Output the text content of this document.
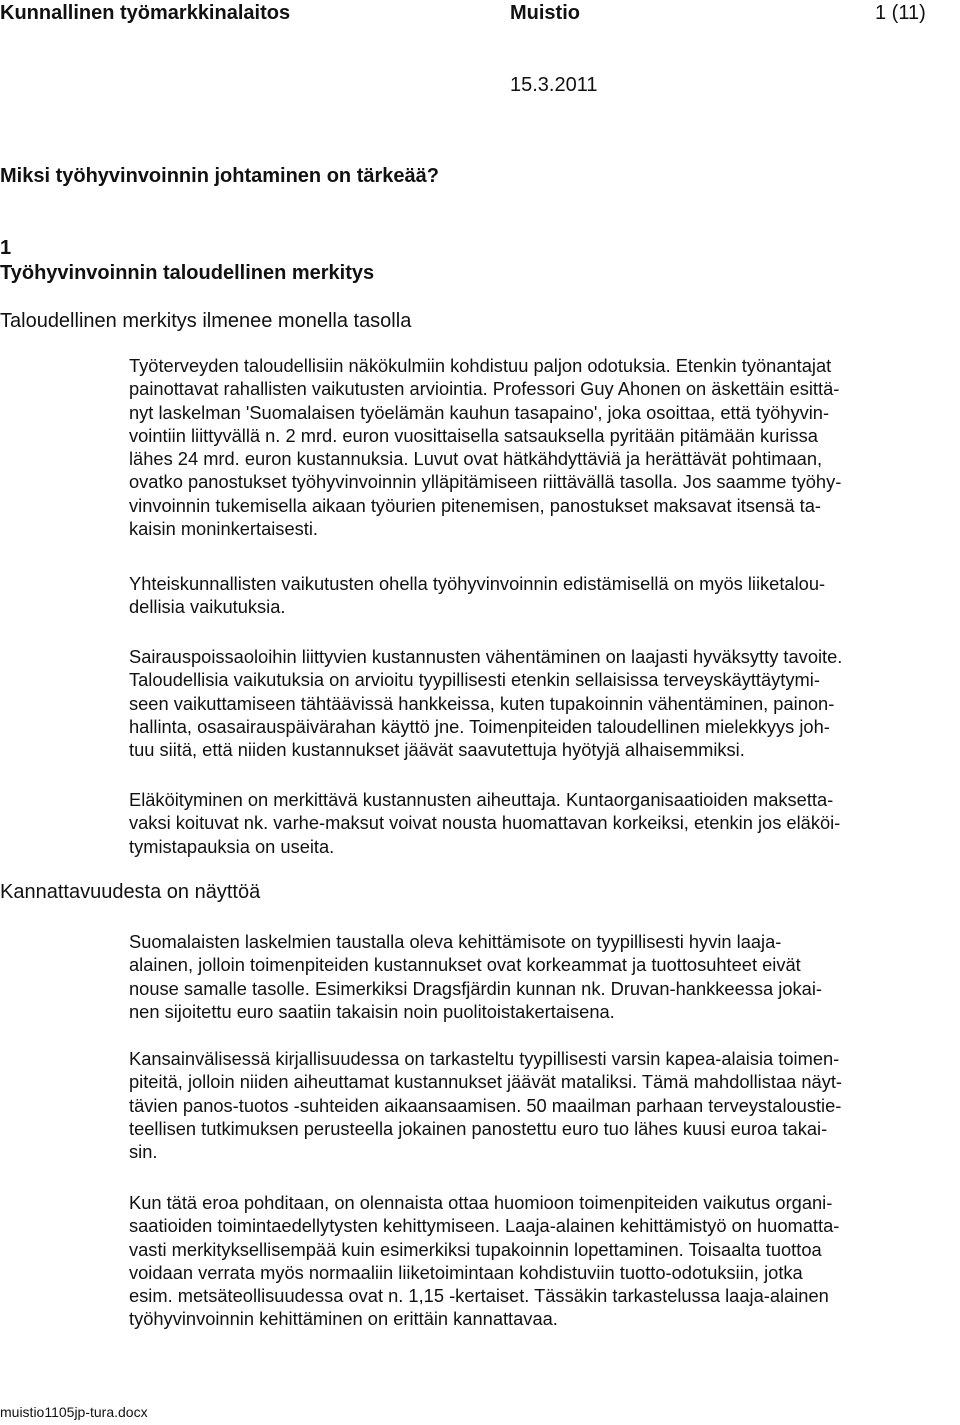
Kunnallinen työmarkkinalaitos	Muistio	1 (11)
15.3.2011
Miksi työhyvinvoinnin johtaminen on tärkeää?
1
Työhyvinvoinnin taloudellinen merkitys
Taloudellinen merkitys ilmenee monella tasolla
Työterveyden taloudellisiin näkökulmiin kohdistuu paljon odotuksia. Etenkin työnantajat
painottavat rahallisten vaikutusten arviointia. Professori Guy Ahonen on äskettäin esittä-
nyt laskelman 'Suomalaisen työelämän kauhun tasapaino', joka osoittaa, että työhyvin-
vointiin liittyvällä n. 2 mrd. euron vuosittaisella satsauksella pyritään pitämään kurissa
lähes 24 mrd. euron kustannuksia. Luvut ovat hätkähdyttäviä ja herättävät pohtimaan,
ovatko panostukset työhyvinvoinnin ylläpitämiseen riittävällä tasolla. Jos saamme työhy-
vinvoinnin tukemisella aikaan työurien pitenemisen, panostukset maksavat itsensä ta-
kaisin moninkertaisesti.
Yhteiskunnallisten vaikutusten ohella työhyvinvoinnin edistämisellä on myös liiketalou-
dellisia vaikutuksia.
Sairauspoissaoloihin liittyvien kustannusten vähentäminen on laajasti hyväksytty tavoite.
Taloudellisia vaikutuksia on arvioitu tyypillisesti etenkin sellaisissa terveyskäyttäytymi-
seen vaikuttamiseen tähtäävissä hankkeissa, kuten tupakoinnin vähentäminen, painon-
hallinta, osasairauspäivärahan käyttö jne. Toimenpiteiden taloudellinen mielekkyys joh-
tuu siitä, että niiden kustannukset jäävät saavutettuja hyötyjä alhaisemmiksi.
Eläköityminen on merkittävä kustannusten aiheuttaja. Kuntaorganisaatioiden maksetta-
vaksi koituvat nk. varhe-maksut voivat nousta huomattavan korkeiksi, etenkin jos eläköi-
tymistapauksia on useita.
Kannattavuudesta on näyttöä
Suomalaisten laskelmien taustalla oleva kehittämisote on tyypillisesti hyvin laaja-
alainen, jolloin toimenpiteiden kustannukset ovat korkeammat ja tuottosuhteet eivät
nouse samalle tasolle. Esimerkiksi Dragsfjärdin kunnan nk. Druvan-hankkeessa jokai-
nen sijoitettu euro saatiin takaisin noin puolitoistakertaisena.
Kansainvälisessä kirjallisuudessa on tarkasteltu tyypillisesti varsin kapea-alaisia toimen-
piteitä, jolloin niiden aiheuttamat kustannukset jäävät mataliksi. Tämä mahdollistaa näyt-
tävien panos-tuotos -suhteiden aikaansaamisen. 50 maailman parhaan terveystaloustie-
teellisen tutkimuksen perusteella jokainen panostettu euro tuo lähes kuusi euroa takai-
sin.
Kun tätä eroa pohditaan, on olennaista ottaa huomioon toimenpiteiden vaikutus organi-
saatioiden toimintaedellytysten kehittymiseen. Laaja-alainen kehittämistyö on huomatta-
vasti merkityksellisempää kuin esimerkiksi tupakoinnin lopettaminen. Toisaalta tuottoa
voidaan verrata myös normaaliin liiketoimintaan kohdistuviin tuotto-odotuksiin, jotka
esim. metsäteollisuudessa ovat n. 1,15 -kertaiset. Tässäkin tarkastelussa laaja-alainen
työhyvinvoinnin kehittäminen on erittäin kannattavaa.
muistio1105jp-tura.docx
